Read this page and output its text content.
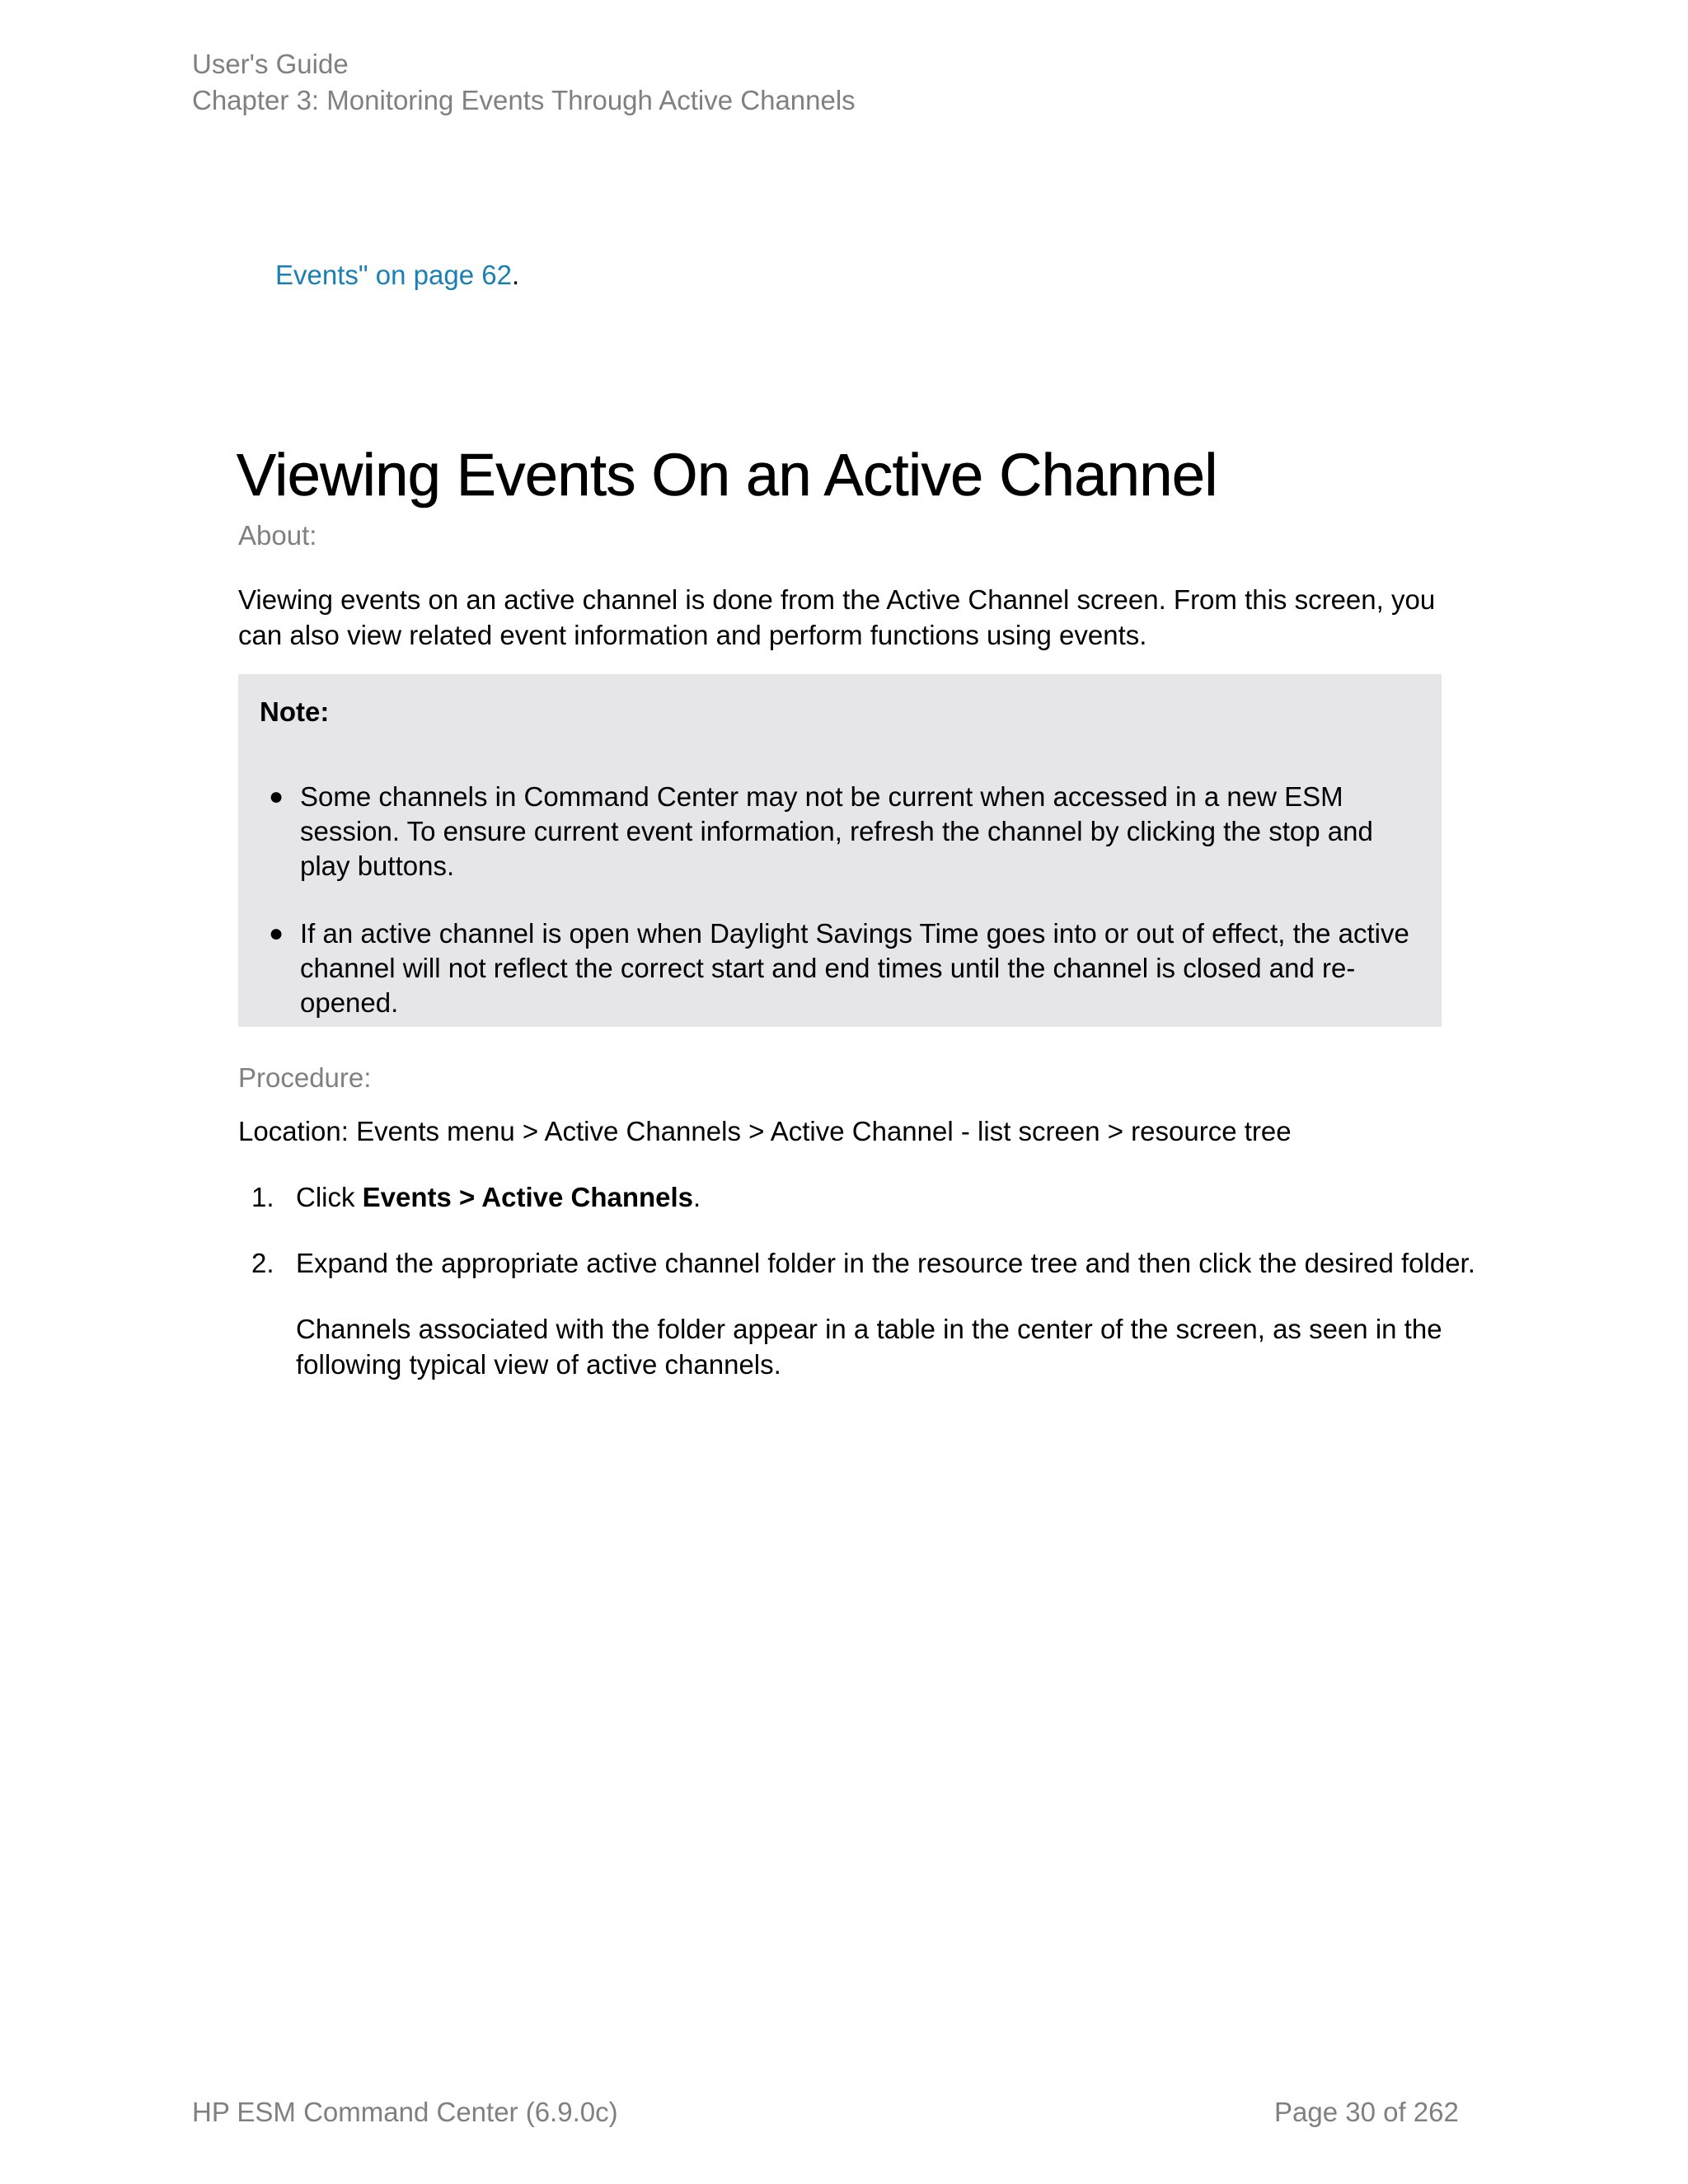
User's Guide
Chapter 3: Monitoring Events Through Active Channels
Events" on page 62.
Viewing Events On an Active Channel
About:

Viewing events on an active channel is done from the Active Channel screen. From this screen, you can also view related event information and perform functions using events.

Note:
● Some channels in Command Center may not be current when accessed in a new ESM session. To ensure current event information, refresh the channel by clicking the stop and play buttons.
● If an active channel is open when Daylight Savings Time goes into or out of effect, the active channel will not reflect the correct start and end times until the channel is closed and re-opened.
Procedure:
Location: Events menu > Active Channels > Active Channel - list screen > resource tree
1. Click Events > Active Channels.
2. Expand the appropriate active channel folder in the resource tree and then click the desired folder.
Channels associated with the folder appear in a table in the center of the screen, as seen in the following typical view of active channels.
HP ESM Command Center (6.9.0c)	Page 30 of 262
